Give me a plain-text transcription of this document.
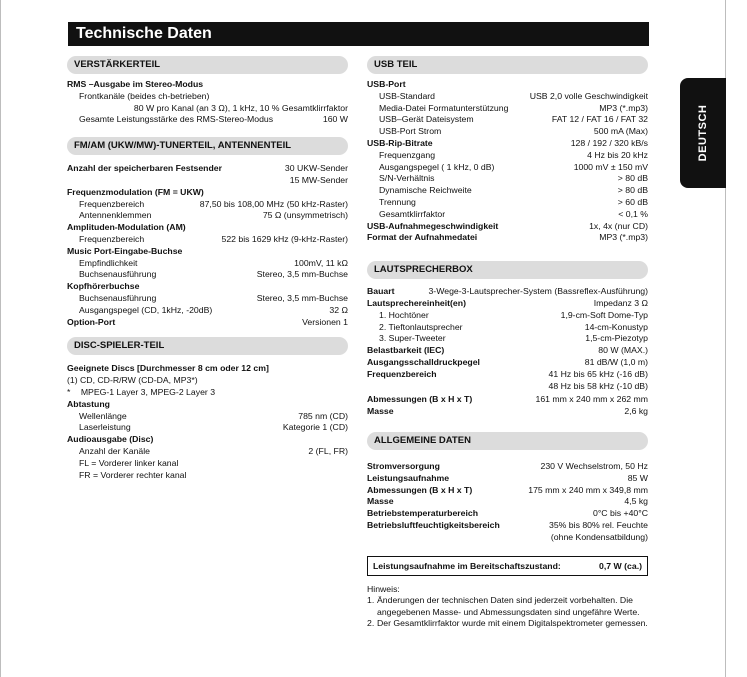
Technische Daten
DEUTSCH
VERSTÄRKERTEIL
RMS –Ausgabe im Stereo-Modus
Frontkanäle (beides ch-betrieben)
80 W pro Kanal (an 3 Ω), 1 kHz, 10 % Gesamtklirrfaktor
Gesamte Leistungsstärke des RMS-Stereo-Modus	160 W
FM/AM (UKW/MW)-TUNERTEIL, ANTENNENTEIL
Anzahl der speicherbaren Festsender	30 UKW-Sender
15 MW-Sender
Frequenzmodulation (FM = UKW)
Frequenzbereich	87,50 bis 108,00 MHz (50 kHz-Raster)
Antennenklemmen	75 Ω (unsymmetrisch)
Amplituden-Modulation (AM)
Frequenzbereich	522 bis 1629 kHz (9-kHz-Raster)
Music Port-Eingabe-Buchse
Empfindlichkeit	100mV, 11 kΩ
Buchsenausführung	Stereo, 3,5 mm-Buchse
Kopfhörerbuchse
Buchsenausführung	Stereo, 3,5 mm-Buchse
Ausgangspegel (CD, 1kHz, -20dB)	32 Ω
Option-Port	Versionen 1
DISC-SPIELER-TEIL
Geeignete Discs [Durchmesser 8 cm oder 12 cm]
(1) CD, CD-R/RW (CD-DA, MP3*)
* MPEG-1 Layer 3, MPEG-2 Layer 3
Abtastung
Wellenlänge	785 nm (CD)
Laserleistung	Kategorie 1 (CD)
Audioausgabe (Disc)
Anzahl der Kanäle	2 (FL, FR)
FL = Vorderer linker kanal
FR = Vorderer rechter kanal
USB TEIL
USB-Port
USB-Standard	USB 2,0 volle Geschwindigkeit
Media-Datei Formatunterstützung	MP3 (*.mp3)
USB–Gerät Dateisystem	FAT 12 / FAT 16 / FAT 32
USB-Port Strom	500 mA (Max)
USB-Rip-Bitrate	128 / 192 / 320 kB/s
Frequenzgang	4 Hz bis 20 kHz
Ausgangspegel ( 1 kHz, 0 dB)	1000 mV ± 150 mV
S/N-Verhältnis	> 80 dB
Dynamische Reichweite	> 80 dB
Trennung	> 60 dB
Gesamtklirrfaktor	< 0,1 %
USB-Aufnahmegeschwindigkeit	1x, 4x (nur CD)
Format der Aufnahmedatei	MP3 (*.mp3)
LAUTSPRECHERBOX
Bauart	3-Wege-3-Lautsprecher-System (Bassreflex-Ausführung)
Lautsprechereinheit(en)	Impedanz 3 Ω
1. Hochtöner	1,9-cm-Soft Dome-Typ
2. Tieftonlautsprecher	14-cm-Konustyp
3. Super-Tweeter	1,5-cm-Piezotyp
Belastbarkeit (IEC)	80 W (MAX.)
Ausgangsschalldruckpegel	81 dB/W (1,0 m)
Frequenzbereich	41 Hz bis 65 kHz (-16 dB)
48 Hz bis 58 kHz (-10 dB)
Abmessungen (B x H x T)	161 mm x 240 mm x 262 mm
Masse	2,6 kg
ALLGEMEINE DATEN
Stromversorgung	230 V Wechselstrom, 50 Hz
Leistungsaufnahme	85 W
Abmessungen (B x H x T)	175 mm x 240 mm x 349,8 mm
Masse	4,5 kg
Betriebstemperaturbereich	0°C bis +40°C
Betriebsluftfeuchtigkeitsbereich	35% bis 80% rel. Feuchte
(ohne Kondensatbildung)
Leistungsaufnahme im Bereitschaftszustand:	0,7 W (ca.)
Hinweis:
1. Änderungen der technischen Daten sind jederzeit vorbehalten. Die angegebenen Masse- und Abmessungsdaten sind ungefähre Werte.
2. Der Gesamtklirrfaktor wurde mit einem Digitalspektrometer gemessen.
